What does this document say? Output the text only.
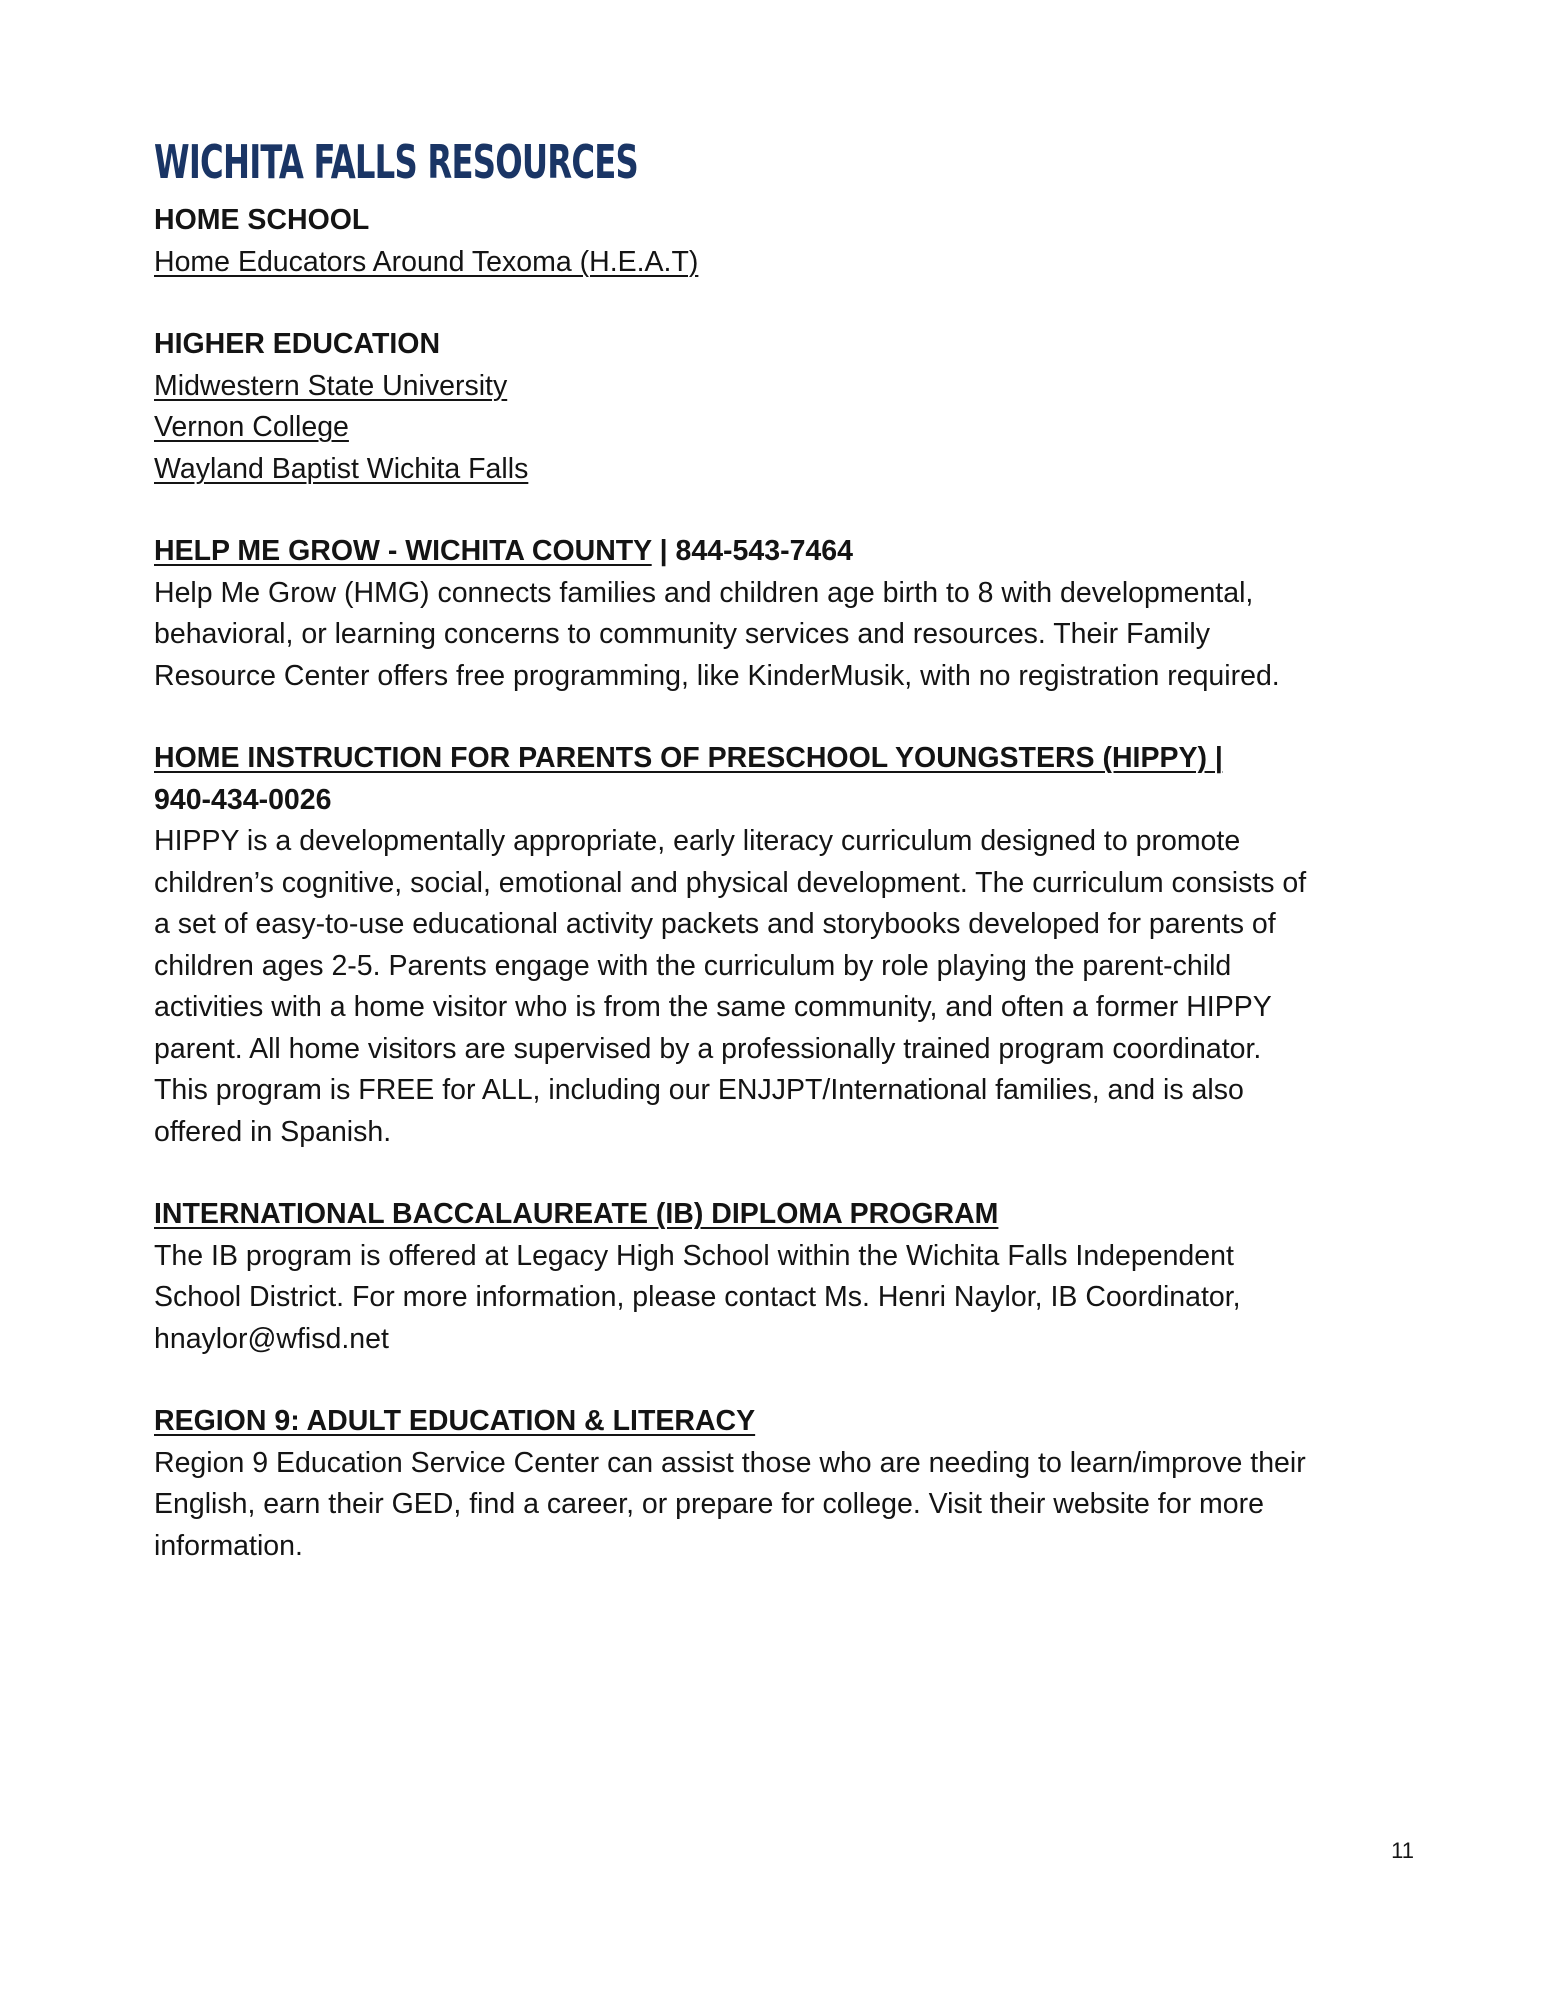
WICHITA FALLS RESOURCES
HOME SCHOOL
Home Educators Around Texoma (H.E.A.T)
HIGHER EDUCATION
Midwestern State University
Vernon College
Wayland Baptist Wichita Falls
HELP ME GROW - WICHITA COUNTY | 844-543-7464
Help Me Grow (HMG) connects families and children age birth to 8 with developmental,
behavioral, or learning concerns to community services and resources. Their Family
Resource Center offers free programming, like KinderMusik, with no registration required.
HOME INSTRUCTION FOR PARENTS OF PRESCHOOL YOUNGSTERS (HIPPY) |
940-434-0026
HIPPY is a developmentally appropriate, early literacy curriculum designed to promote
children’s cognitive, social, emotional and physical development. The curriculum consists of
a set of easy-to-use educational activity packets and storybooks developed for parents of
children ages 2-5. Parents engage with the curriculum by role playing the parent-child
activities with a home visitor who is from the same community, and often a former HIPPY
parent. All home visitors are supervised by a professionally trained program coordinator.
This program is FREE for ALL, including our ENJJPT/International families, and is also
offered in Spanish.
INTERNATIONAL BACCALAUREATE (IB) DIPLOMA PROGRAM
The IB program is offered at Legacy High School within the Wichita Falls Independent
School District. For more information, please contact Ms. Henri Naylor, IB Coordinator,
hnaylor@wfisd.net
REGION 9: ADULT EDUCATION & LITERACY
Region 9 Education Service Center can assist those who are needing to learn/improve their
English, earn their GED, find a career, or prepare for college. Visit their website for more
information.
11
